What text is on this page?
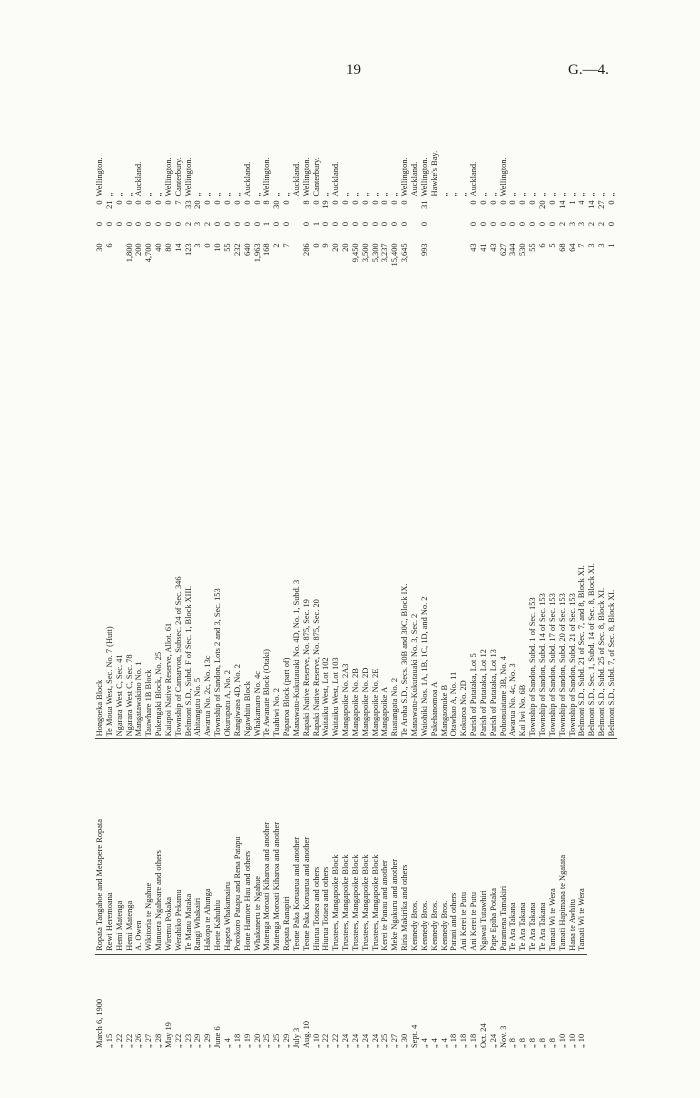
19	G.—4.
March 6, 1900	Ropata Tangahoe and Metapere Ropata	Hongoeka Block		30	0	0	Wellington.
„ 15	Rewi Heremoana	Te Moua West, Sec. No. 7 (Hutt)		6	0	21	„
„ 22	Hemi Matenga	Ngarara West C, Sec. 41			0	0	„
„ 22	Hemi Matenga	Ngarara West C, Sec. 78		1,800	0	0	„
„ 26	A. Owen	Mangatawakino No. 1		200	0	0	Auckland.
„ 27	Wikitoria te Ngahue	Tauwhare 1B Block		4,700	0	0	„
„ 28	Manuera Ngaheare and others	Pukengaki Block, No. 25		40	0	0	„
May 19	Wiremu Pokaka	Kaiapoi Native Reserve, Allot. 61		80	0	0	Wellington.
„ 22	Werahiko Pekamu	Township of Carnarvon, Subsec. 24 of Sec. 346		14	0	7	Canterbury.
„ 23	Te Manu Mataka	Belmont S.D., Subd. F of Sec. 1, Block XIII.		123	2	33	Wellington.
„ 29	Rangi Whakairi	Ahitangutu No. 5		3	3	20	„
„ 29	Hakopa te Ahunga	Awarua No. 2c, No. 13c		0	2	0	„
June 6	Hoete Kahuhiu	Township of Sandon, Lots 2 and 3, Sec. 153		10	0	0	„
„ 4	Hapeta Whakamairu	Okurupatu A, No. 2		55	0	0	„
„ 18	Porokoro Patapu and Rena Patapu	Rangiwaea 4D, No. 2		232	0	0	„
„ 19	Hone Hamore Hau and others	Ngawhitu Block		640	0	0	Auckland.
„ 20	Whakaneru te Ngahue	Whakamaro No. 4c		1,963	0	0	„
„ 25	Matenga Moroati Kiharoa and another	Te Awanate Block (Otaki)		168	1	8	Wellington.
„ 25	Matenga Moroati Kiharoa and another	Tuahiwi No. 2		2	0	30	„
„ 29	Ropata Ranapiri	Paparoa Block (part of)		7	0	0	„
July 3	Teone Paka Koruarua and another	Manawatu-Kukutauaki No. 4D, No. 1, Subd. 3					Auckland.
Aug. 10	Teone Paka Koruarua and another	Rapaki Native Reserve, No. 875, Sec. 19		286	0	8	Wellington.
„ 10	Hiurua Totaea and others	Rapaki Native Reserve, No. 875, Sec. 20		0	1	0	Canterbury.
„ 22	Hiurua Totaea and others	Waitaiku West, Lot 102		9	0	19	„
„ 22	Trustees, Mangapoike Block	Waitaiku West, Lot 103		20	0	0	Auckland.
„ 24	Trustees, Mangapoike Block	Mangapoike No. 2A3		20	0	0	„
„ 24	Trustees, Mangapoike Block	Mangapoike No. 2B		9,450	0	0	„
„ 24	Trustees, Mangapoike Block	Mangapoike No. 2D		3,500	0	0	„
„ 24	Trustees, Mangapoike Block	Mangapoike No. 2E		5,300	0	0	„
„ 25	Kerei te Panau and another	Mangapoike A		3,237	0	0	„
„ 27	Meke Ngakuru and another	Ruatangata No. 2		15,400	0	0	„
„ 30	Riria Makirika and others	Te Aroha S.D., Secs. 30B and 30C, Block IX.		3,645	0	0	Wellington.
Sept. 4	Kennedy Bros.	Manawatu-Kukutauaki No. 3, Sec. 2					Auckland.
„ 4	Kennedy Bros.	Waiohiki Nos. 1A, 1B, 1C, 1D, and No. 2		993	0	31	Wellington.
„ 4	Kennedy Bros.	Pakehanomoa A					Hawke's Bay.
„ 4	Kennedy Bros.	Mangaonuke B					„
„ 18	Parani and others	Otawhao A, No. 11					„
„ 18	Ani Kerei te Putu	Kokuroa No. 2D					„
„ 18	Ani Kerei te Putu	Parish of Putataka, Lot 5		43	0	0	Auckland.
Oct. 24	Ngawai Tutawhiri	Parish of Putataka, Lot 12		41	0	0	„
„ 24	Pape Epiha Potaka	Parish of Putataka, Lot 13		43	0	0	„
Nov. 3	Paramena Tamakiri	Pohonuiatane 3B, No. 4		627	0	0	Wellington.
„ 8	Te Ara Takana	Awarua No. 4c, No. 3		344	0	0	„
„ 8	Te Ara Takana	Kai Iwi No. 6B		530	0	0	„
„ 8	Te Ara Takana	Township of Sandon, Subd. 1 of Sec. 153		55	0	0	„
„ 8	Te Ara Takana	Township of Sandon, Subd. 14 of Sec. 153		6	0	20	„
„ 8	Tamati Wi te Wera	Township of Sandon, Subd. 17 of Sec. 153		5	0	0	„
„ 10	Tamati Hapimana te Ngatata	Township of Sandon, Subd. 20 of Sec. 153		68	2	14	„
„ 10	Hana te Awhitu	Township of Sandon, Subd. 21 of Sec. 153		64	3	1	„
„ 10	Tamati Wi te Wera	Belmont S.D., Subd. 21 of Sec. 7, and 8, Block XI.		7	3	4	„
		Belmont S.D., Sec. 1, Subd. 14 of Sec. 8, Block XI.		3	2	14	„
		Belmont S.D., Subd. 25 of Sec. 8, Block XI.		3	2	27	„
		Belmont S.D., Subd. 7, of Sec. 8, Block XI.		1	0	0	„
